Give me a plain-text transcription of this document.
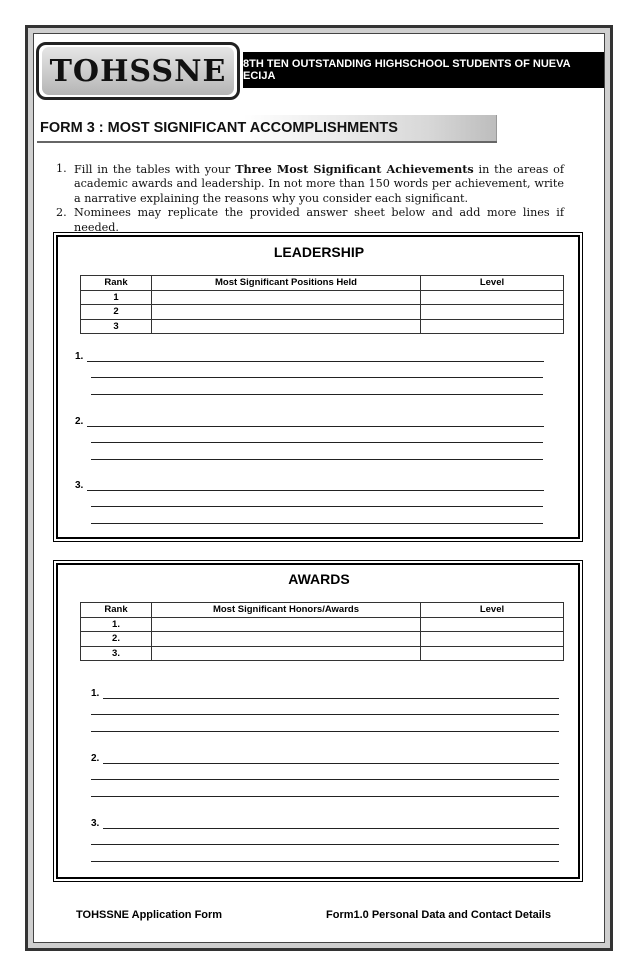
TOHSSNE 8TH TEN OUTSTANDING HIGHSCHOOL STUDENTS OF NUEVA ECIJA
FORM 3 : MOST SIGNIFICANT ACCOMPLISHMENTS
1. Fill in the tables with your Three Most Significant Achievements in the areas of academic awards and leadership. In not more than 150 words per achievement, write a narrative explaining the reasons why you consider each significant.
2. Nominees may replicate the provided answer sheet below and add more lines if needed.
LEADERSHIP
Rank	Most Significant Positions Held	Level
1		
2		
3		
1.
2.
3.
AWARDS
Rank	Most Significant Honors/Awards	Level
1.		
2.		
3.		
1.
2.
3.
TOHSSNE Application Form	Form1.0 Personal Data and Contact Details
